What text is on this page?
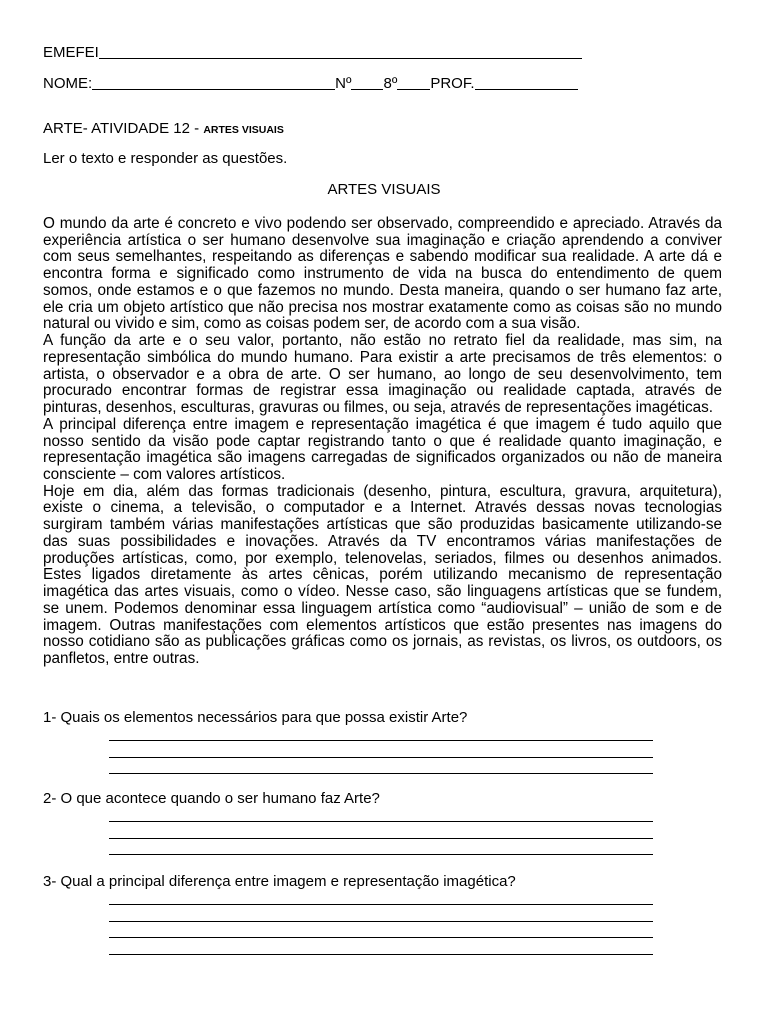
EMEFEI
NOME:	Nº 8º PROF.
ARTE- ATIVIDADE 12 - ARTES VISUAIS
Ler o texto e responder as questões.
ARTES VISUAIS
O mundo da arte é concreto e vivo podendo ser observado, compreendido e apreciado. Através da
experiência artística o ser humano desenvolve sua imaginação e criação aprendendo a conviver
com seus semelhantes, respeitando as diferenças e sabendo modificar sua realidade. A arte dá e
encontra forma e significado como instrumento de vida na busca do entendimento de quem
somos, onde estamos e o que fazemos no mundo. Desta maneira, quando o ser humano faz arte,
ele cria um objeto artístico que não precisa nos mostrar exatamente como as coisas são no mundo
natural ou vivido e sim, como as coisas podem ser, de acordo com a sua visão.
A função da arte e o seu valor, portanto, não estão no retrato fiel da realidade, mas sim, na
representação simbólica do mundo humano. Para existir a arte precisamos de três elementos: o
artista, o observador e a obra de arte. O ser humano, ao longo de seu desenvolvimento, tem
procurado encontrar formas de registrar essa imaginação ou realidade captada, através de
pinturas, desenhos, esculturas, gravuras ou filmes, ou seja, através de representações imagéticas.
A principal diferença entre imagem e representação imagética é que imagem é tudo aquilo que
nosso sentido da visão pode captar registrando tanto o que é realidade quanto imaginação, e
representação imagética são imagens carregadas de significados organizados ou não de maneira
consciente – com valores artísticos.
Hoje em dia, além das formas tradicionais (desenho, pintura, escultura, gravura, arquitetura),
existe o cinema, a televisão, o computador e a Internet. Através dessas novas tecnologias
surgiram também várias manifestações artísticas que são produzidas basicamente utilizando-se
das suas possibilidades e inovações. Através da TV encontramos várias manifestações de
produções artísticas, como, por exemplo, telenovelas, seriados, filmes ou desenhos animados.
Estes ligados diretamente às artes cênicas, porém utilizando mecanismo de representação
imagética das artes visuais, como o vídeo. Nesse caso, são linguagens artísticas que se fundem,
se unem. Podemos denominar essa linguagem artística como “audiovisual” – união de som e de
imagem. Outras manifestações com elementos artísticos que estão presentes nas imagens do
nosso cotidiano são as publicações gráficas como os jornais, as revistas, os livros, os outdoors, os
panfletos, entre outras.
1- Quais os elementos necessários para que possa existir Arte?
2- O que acontece quando o ser humano faz Arte?
3- Qual a principal diferença entre imagem e representação imagética?
